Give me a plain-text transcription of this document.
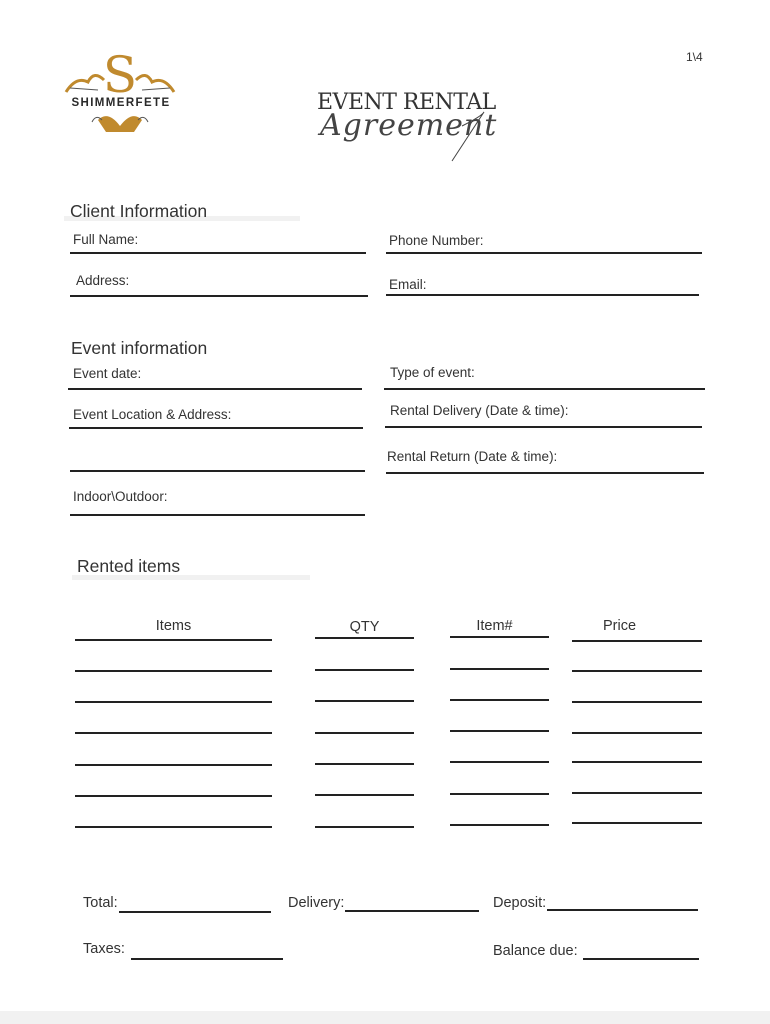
1\4
S
SHIMMERFETE	EVENT RENTAL
Agreement
Client Information
Full Name:	Phone Number:
Address:	Email:
Event information
Event date:	Type of event:
Event Location & Address:	Rental Delivery (Date & time):
Rental Return (Date & time):
Indoor\Outdoor:
Rented items
Items	QTY	Item#	Price
Total:	Delivery:	Deposit:
Taxes:	Balance due:
